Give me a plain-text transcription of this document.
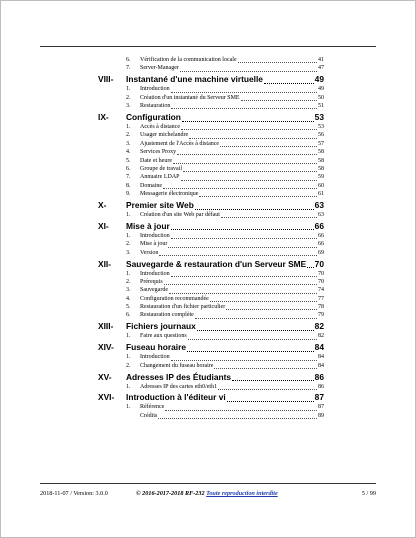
6. Vérification de la communication locale	41
7. Server-Manager	47
VIII- Instantané d'une machine virtuelle	49
1. Introduction	49
2. Création d'un instantané du Serveur SME	50
3. Restauration	51
IX- Configuration	53
1. Accès à distance	53
2. Usager michelandre	56
3. Ajustement de l'Accès à distance	57
4. Services Proxy	58
5. Date et heure	58
6. Groupe de travail	58
7. Annuaire LDAP	59
8. Domaine	60
9. Messagerie électronique	61
X- Premier site Web	63
1. Création d'un site Web par défaut	63
XI- Mise à jour	66
1. Introduction	66
2. Mise à jour	66
3. Version	69
XII- Sauvegarde & restauration d'un Serveur SME 70
1. Introduction	70
2. Prérequis	70
3. Sauvegarde	74
4. Configuration recommandée	77
5. Restauration d'un fichier particulier	78
6. Restauration complète	79
XIII- Fichiers journaux	82
1. Faire aux questions	82
XIV- Fuseau horaire	84
1. Introduction	84
2. Changement du fuseau horaire	84
XV- Adresses IP des Étudiants	86
1. Adresses IP des cartes eth0/eth1	86
XVI- Introduction à l'éditeur vi	87
1. Référence	87
Crédits	89
2018-11-07 / Version: 3.0.0	© 2016-2017-2018 RF-232 Toute reproduction interdite	5 / 99
